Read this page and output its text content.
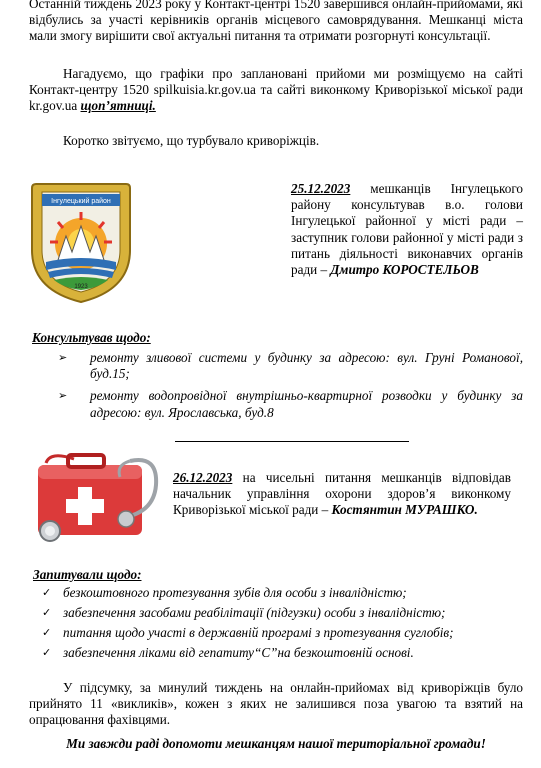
Останній тиждень 2023 року у Контакт-центрі 1520 завершився онлайн-прийомами, які відбулись за участі керівників органів місцевого самоврядування. Мешканці міста мали змогу вирішити свої актуальні питання та отримати розгорнуті консультації.

Нагадуємо, що графіки про заплановані прийоми ми розміщуємо на сайті Контакт-центру 1520 spilkuisia.kr.gov.ua та сайті виконкому Криворізької міської ради kr.gov.ua щоп’ятниці.

Коротко звітуємо, що турбувало криворіжців.

Інгулецький район
1923

25.12.2023 мешканців Інгулецького району консультував в.о. голови Інгулецької районної у місті ради – заступник голови районної у місті ради з питань діяльності виконавчих органів ради – Дмитро КОРОСТЕЛЬОВ

Консультував щодо:

➢ ремонту зливової системи у будинку за адресою: вул. Груні Романової, буд.15;
➢ ремонту водопровідної внутрішньо-квартирної розводки у будинку за адресою: вул. Ярославська, буд.8

26.12.2023 на чисельні питання мешканців відповідав начальник управління охорони здоров’я виконкому Криворізької міської ради – Костянтин МУРАШКО.

Запитували щодо:

✓ безкоштовного протезування зубів для особи з інвалідністю;
✓ забезпечення засобами реабілітації (підгузки) особи з інвалідністю;
✓ питання щодо участі в державній програмі з протезування суглобів;
✓ забезпечення ліками від гепатиту“С”на безкоштовній основі.

У підсумку, за минулий тиждень на онлайн-прийомах від криворіжців було прийнято 11 «викликів», кожен з яких не залишився поза увагою та взятий на опрацювання фахівцями.

Ми завжди раді допомоти мешканцям нашої територіальної громади!
